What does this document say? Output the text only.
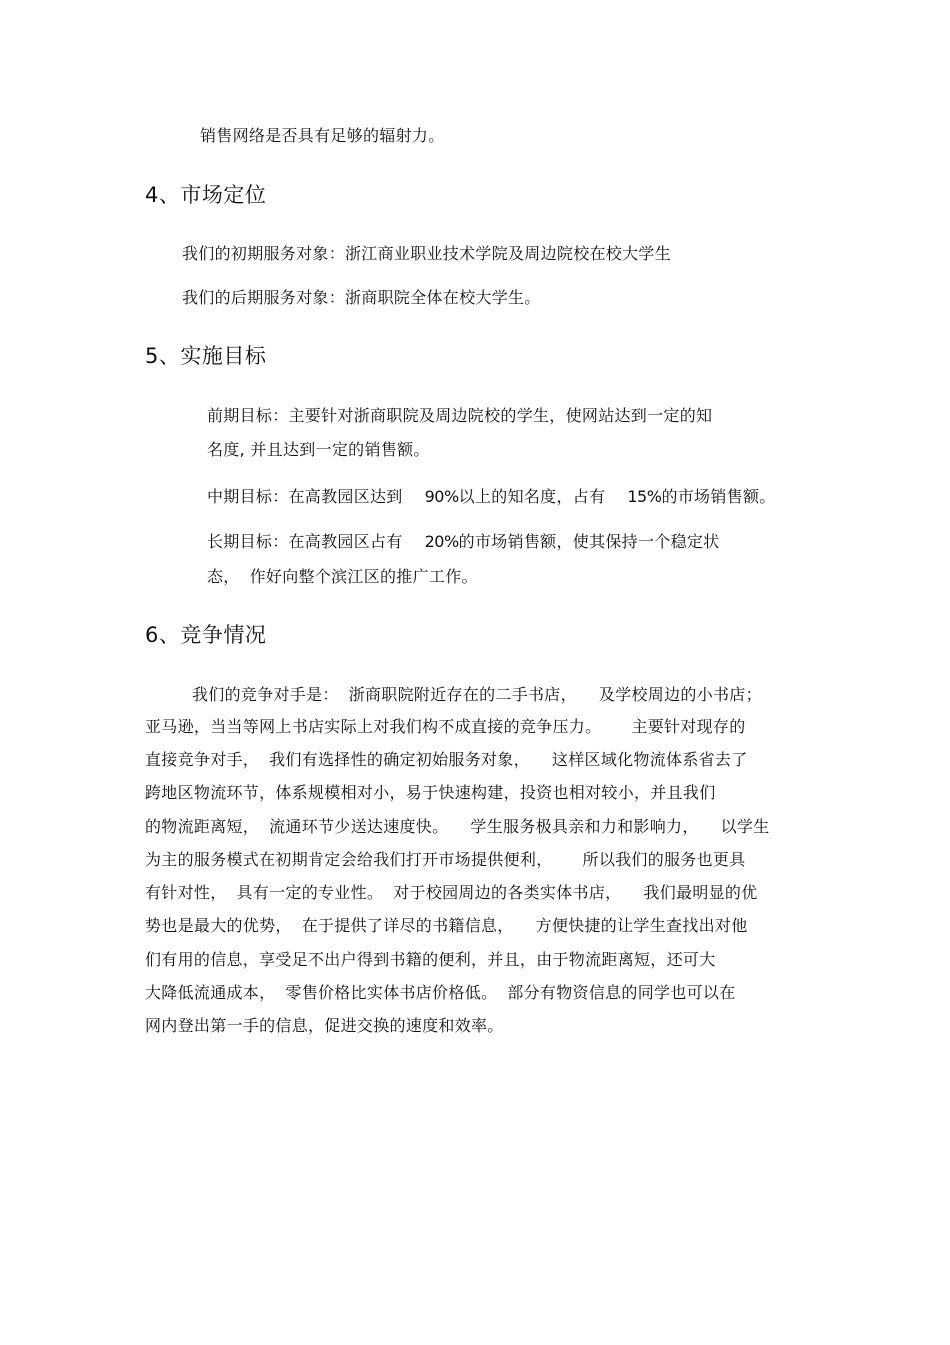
销售网络是否具有足够的辐射力。
4、市场定位
我们的初期服务对象：浙江商业职业技术学院及周边院校在校大学生
我们的后期服务对象：浙商职院全体在校大学生。
5、实施目标
前期目标：主要针对浙商职院及周边院校的学生，使网站达到一定的知
名度, 并且达到一定的销售额。
中期目标：在高教园区达到 90%以上的知名度，占有 15%的市场销售额。
长期目标：在高教园区占有 20%的市场销售额，使其保持一个稳定状
态， 作好向整个滨江区的推广工作。
6、竞争情况
我们的竞争对手是： 浙商职院附近存在的二手书店， 及学校周边的小书店；
亚马逊，当当等网上书店实际上对我们构不成直接的竞争压力。 主要针对现存的
直接竞争对手， 我们有选择性的确定初始服务对象， 这样区域化物流体系省去了
跨地区物流环节，体系规模相对小，易于快速构建，投资也相对较小，并且我们
的物流距离短， 流通环节少送达速度快。 学生服务极具亲和力和影响力， 以学生
为主的服务模式在初期肯定会给我们打开市场提供便利， 所以我们的服务也更具
有针对性， 具有一定的专业性。 对于校园周边的各类实体书店， 我们最明显的优
势也是最大的优势， 在于提供了详尽的书籍信息， 方便快捷的让学生查找出对他
们有用的信息，享受足不出户得到书籍的便利，并且，由于物流距离短，还可大
大降低流通成本， 零售价格比实体书店价格低。 部分有物资信息的同学也可以在
网内登出第一手的信息，促进交换的速度和效率。
